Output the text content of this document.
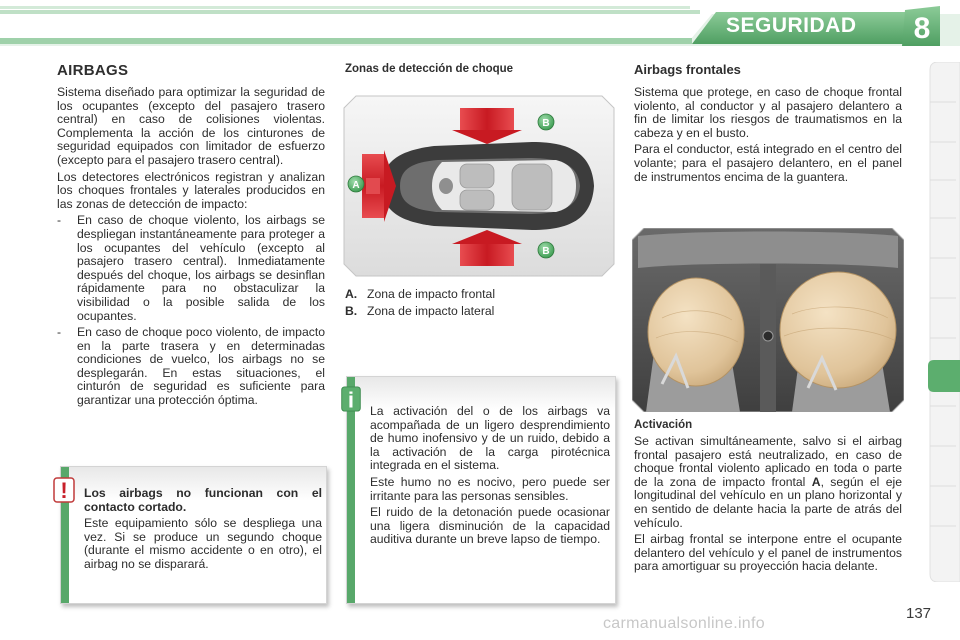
SEGURIDAD 8
AIRBAGS

Sistema diseñado para optimizar la seguridad de los ocupantes (excepto del pasajero trasero central) en caso de colisiones violentas. Complementa la acción de los cinturones de seguridad equipados con limitador de esfuerzo (excepto para el pasajero trasero central).

Los detectores electrónicos registran y analizan los choques frontales y laterales producidos en las zonas de detección de impacto:

- En caso de choque violento, los airbags se despliegan instantáneamente para proteger a los ocupantes del vehículo (excepto al pasajero trasero central). Inmediatamente después del choque, los airbags se desinflan rápidamente para no obstaculizar la visibilidad o la posible salida de los ocupantes.

- En caso de choque poco violento, de impacto en la parte trasera y en determinadas condiciones de vuelco, los airbags no se desplegarán. En estas situaciones, el cinturón de seguridad es suficiente para garantizar una protección óptima.

Los airbags no funcionan con el contacto cortado.

Este equipamiento sólo se despliega una vez. Si se produce un segundo choque (durante el mismo accidente o en otro), el airbag no se disparará.

!
Zonas de detección de choque
A
B
B
A. Zona de impacto frontal
B. Zona de impacto lateral

La activación del o de los airbags va acompañada de un ligero desprendimiento de humo inofensivo y de un ruido, debido a la activación de la carga pirotécnica integrada en el sistema.

Este humo no es nocivo, pero puede ser irritante para las personas sensibles.

El ruido de la detonación puede ocasionar una ligera disminución de la capacidad auditiva durante un breve lapso de tiempo.

i
Airbags frontales

Sistema que protege, en caso de choque frontal violento, al conductor y al pasajero delantero a fin de limitar los riesgos de traumatismos en la cabeza y en el busto.

Para el conductor, está integrado en el centro del volante; para el pasajero delantero, en el panel de instrumentos encima de la guantera.

Activación

Se activan simultáneamente, salvo si el airbag frontal pasajero está neutralizado, en caso de choque frontal violento aplicado en toda o parte de la zona de impacto frontal A, según el eje longitudinal del vehículo en un plano horizontal y en sentido de delante hacia la parte de atrás del vehículo.

El airbag frontal se interpone entre el ocupante delantero del vehículo y el panel de instrumentos para amortiguar su proyección hacia delante.

137
carmanualsonline.info
